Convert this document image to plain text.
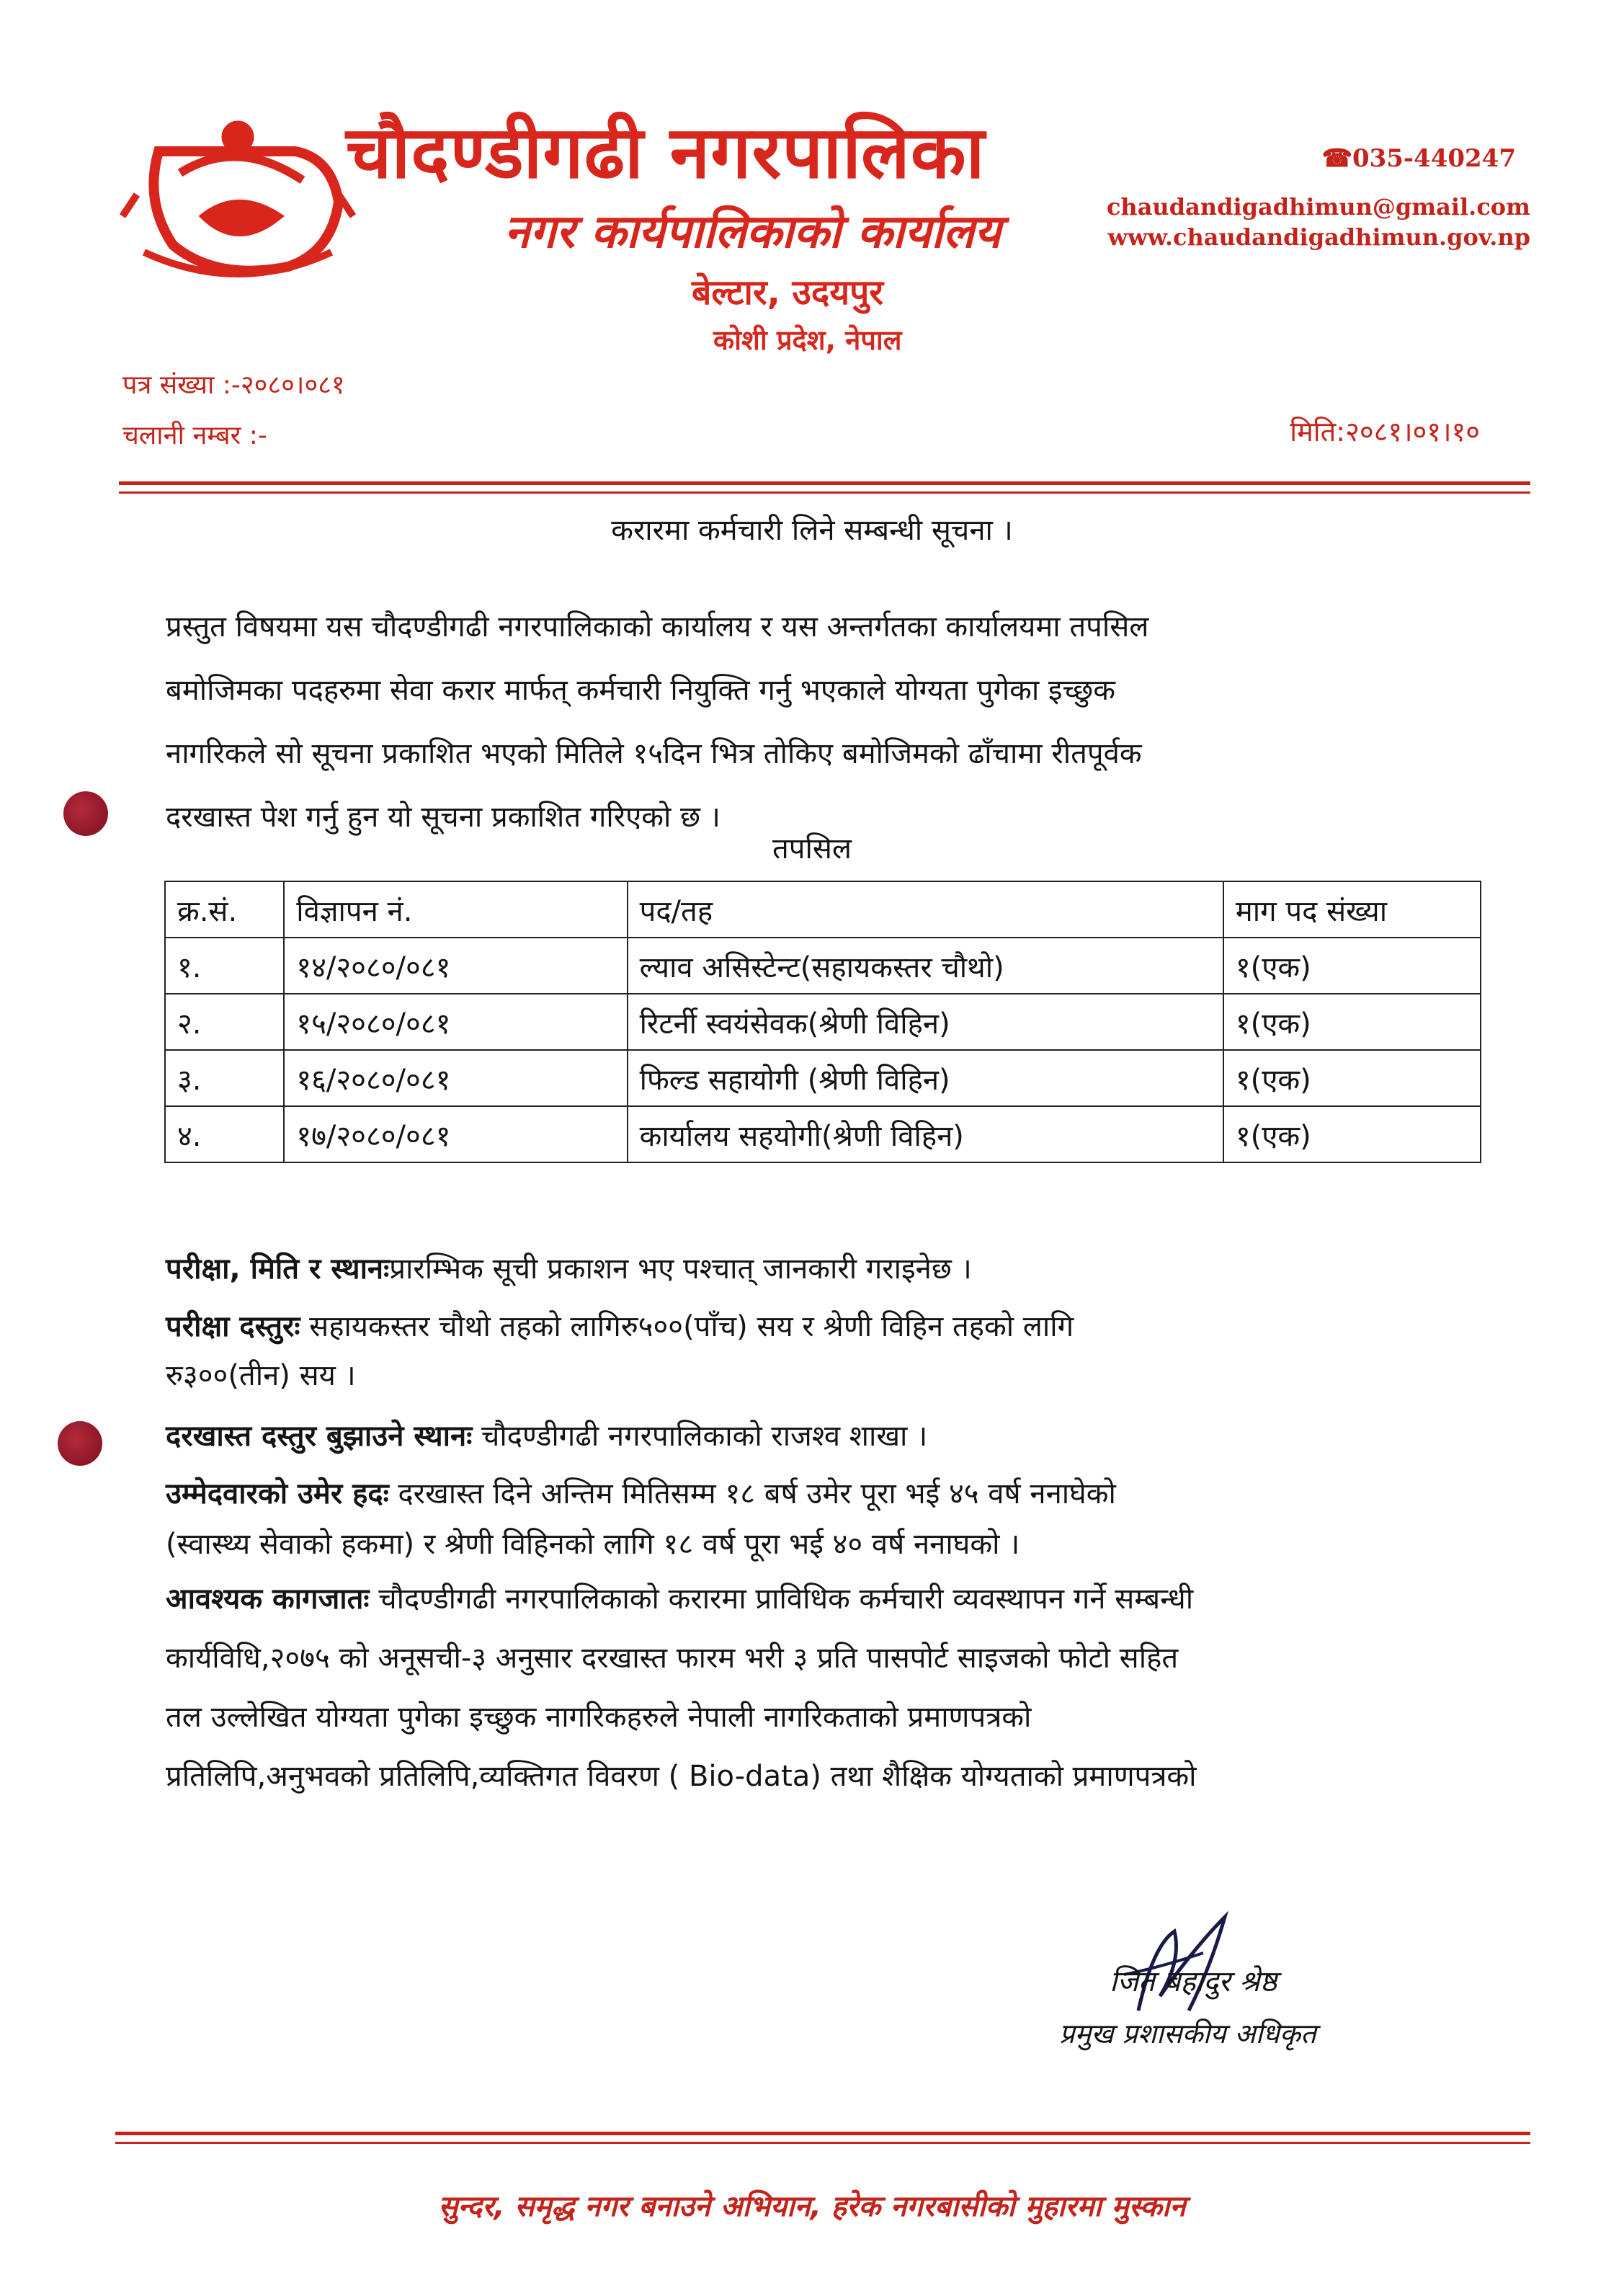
चौदण्डीगढी नगरपालिका
नगर कार्यपालिकाको कार्यालय
बेल्टार, उदयपुर
कोशी प्रदेश, नेपाल
☎035-440247
chaudandigadhimun@gmail.com
www.chaudandigadhimun.gov.np
पत्र संख्या :-२०८०।०८१
चलानी नम्बर :-	मिति:२०८१।०१।१०
करारमा कर्मचारी लिने सम्बन्धी सूचना ।
प्रस्तुत विषयमा यस चौदण्डीगढी नगरपालिकाको कार्यालय र यस अन्तर्गतका कार्यालयमा तपसिल
बमोजिमका पदहरुमा सेवा करार मार्फत् कर्मचारी नियुक्ति गर्नु भएकाले योग्यता पुगेका इच्छुक
नागरिकले सो सूचना प्रकाशित भएको मितिले १५दिन भित्र तोकिए बमोजिमको ढाँचामा रीतपूर्वक
दरखास्त पेश गर्नु हुन यो सूचना प्रकाशित गरिएको छ ।
तपसिल
क्र.सं.	विज्ञापन नं.	पद/तह	माग पद संख्या
१.	१४/२०८०/०८१	ल्याव असिस्टेन्ट(सहायकस्तर चौथो)	१(एक)
२.	१५/२०८०/०८१	रिटर्नी स्वयंसेवक(श्रेणी विहिन)	१(एक)
३.	१६/२०८०/०८१	फिल्ड सहायोगी (श्रेणी विहिन)	१(एक)
४.	१७/२०८०/०८१	कार्यालय सहयोगी(श्रेणी विहिन)	१(एक)
परीक्षा, मिति र स्थानःप्रारम्भिक सूची प्रकाशन भए पश्चात् जानकारी गराइनेछ ।
परीक्षा दस्तुरः सहायकस्तर चौथो तहको लागिरु५००(पाँच) सय र श्रेणी विहिन तहको लागि
रु३००(तीन) सय ।
दरखास्त दस्तुर बुझाउने स्थानः चौदण्डीगढी नगरपालिकाको राजश्व शाखा ।
उम्मेदवारको उमेर हदः दरखास्त दिने अन्तिम मितिसम्म १८ बर्ष उमेर पूरा भई ४५ वर्ष ननाघेको
(स्वास्थ्य सेवाको हकमा) र श्रेणी विहिनको लागि १८ वर्ष पूरा भई ४० वर्ष ननाघको ।
आवश्यक कागजातः चौदण्डीगढी नगरपालिकाको करारमा प्राविधिक कर्मचारी व्यवस्थापन गर्ने सम्बन्धी
कार्यविधि,२०७५ को अनूसची-३ अनुसार दरखास्त फारम भरी ३ प्रति पासपोर्ट साइजको फोटो सहित
तल उल्लेखित योग्यता पुगेका इच्छुक नागरिकहरुले नेपाली नागरिकताको प्रमाणपत्रको
प्रतिलिपि,अनुभवको प्रतिलिपि,व्यक्तिगत विवरण ( Bio-data) तथा शैक्षिक योग्यताको प्रमाणपत्रको
जित बहादुर श्रेष्ठ
प्रमुख प्रशासकीय अधिकृत
सुन्दर, समृद्ध नगर बनाउने अभियान, हरेक नगरबासीको मुहारमा मुस्कान
